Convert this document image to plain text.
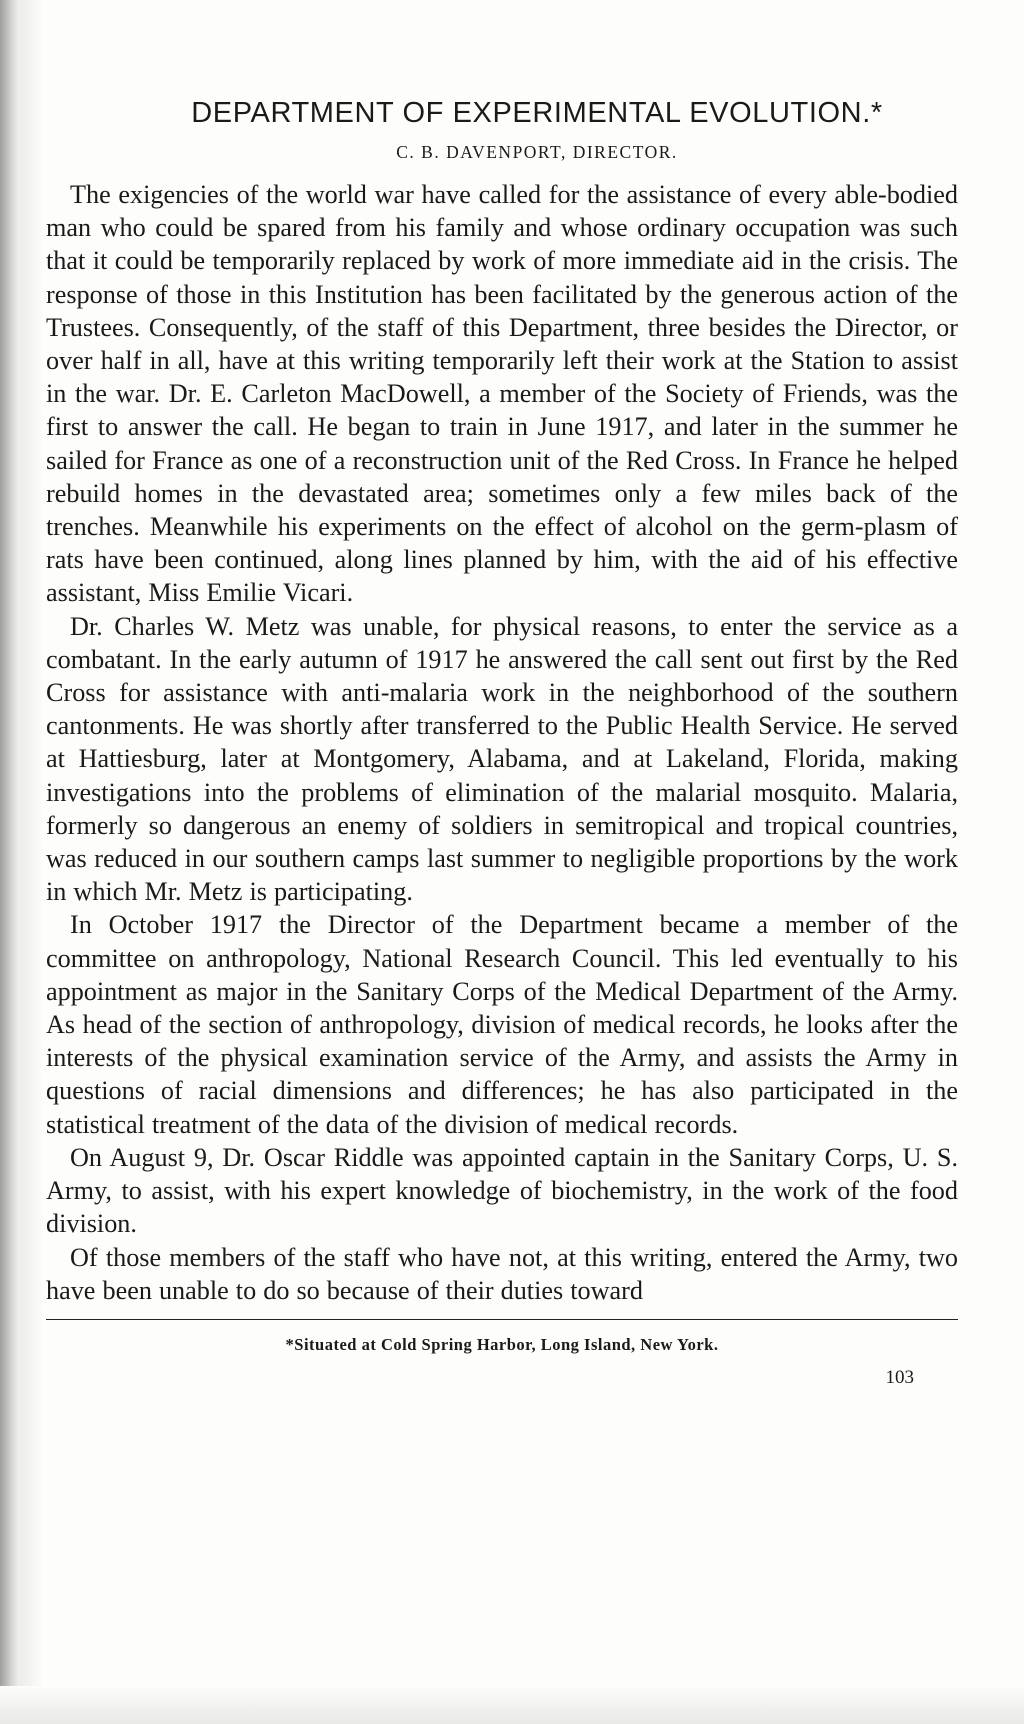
DEPARTMENT OF EXPERIMENTAL EVOLUTION.*
C. B. DAVENPORT, DIRECTOR.

The exigencies of the world war have called for the assistance of every able-bodied man who could be spared from his family and whose ordinary occupation was such that it could be temporarily replaced by work of more immediate aid in the crisis. The response of those in this Institution has been facilitated by the generous action of the Trustees. Consequently, of the staff of this Department, three besides the Director, or over half in all, have at this writing temporarily left their work at the Station to assist in the war. Dr. E. Carleton MacDowell, a member of the Society of Friends, was the first to answer the call. He began to train in June 1917, and later in the summer he sailed for France as one of a reconstruction unit of the Red Cross. In France he helped rebuild homes in the devastated area; sometimes only a few miles back of the trenches. Meanwhile his experiments on the effect of alcohol on the germ-plasm of rats have been continued, along lines planned by him, with the aid of his effective assistant, Miss Emilie Vicari.

Dr. Charles W. Metz was unable, for physical reasons, to enter the service as a combatant. In the early autumn of 1917 he answered the call sent out first by the Red Cross for assistance with anti-malaria work in the neighborhood of the southern cantonments. He was shortly after transferred to the Public Health Service. He served at Hattiesburg, later at Montgomery, Alabama, and at Lakeland, Florida, making investigations into the problems of elimination of the malarial mosquito. Malaria, formerly so dangerous an enemy of soldiers in semitropical and tropical countries, was reduced in our southern camps last summer to negligible proportions by the work in which Mr. Metz is participating.

In October 1917 the Director of the Department became a member of the committee on anthropology, National Research Council. This led eventually to his appointment as major in the Sanitary Corps of the Medical Department of the Army. As head of the section of anthropology, division of medical records, he looks after the interests of the physical examination service of the Army, and assists the Army in questions of racial dimensions and differences; he has also participated in the statistical treatment of the data of the division of medical records.

On August 9, Dr. Oscar Riddle was appointed captain in the Sanitary Corps, U. S. Army, to assist, with his expert knowledge of biochemistry, in the work of the food division.

Of those members of the staff who have not, at this writing, entered the Army, two have been unable to do so because of their duties toward

*Situated at Cold Spring Harbor, Long Island, New York.
103
